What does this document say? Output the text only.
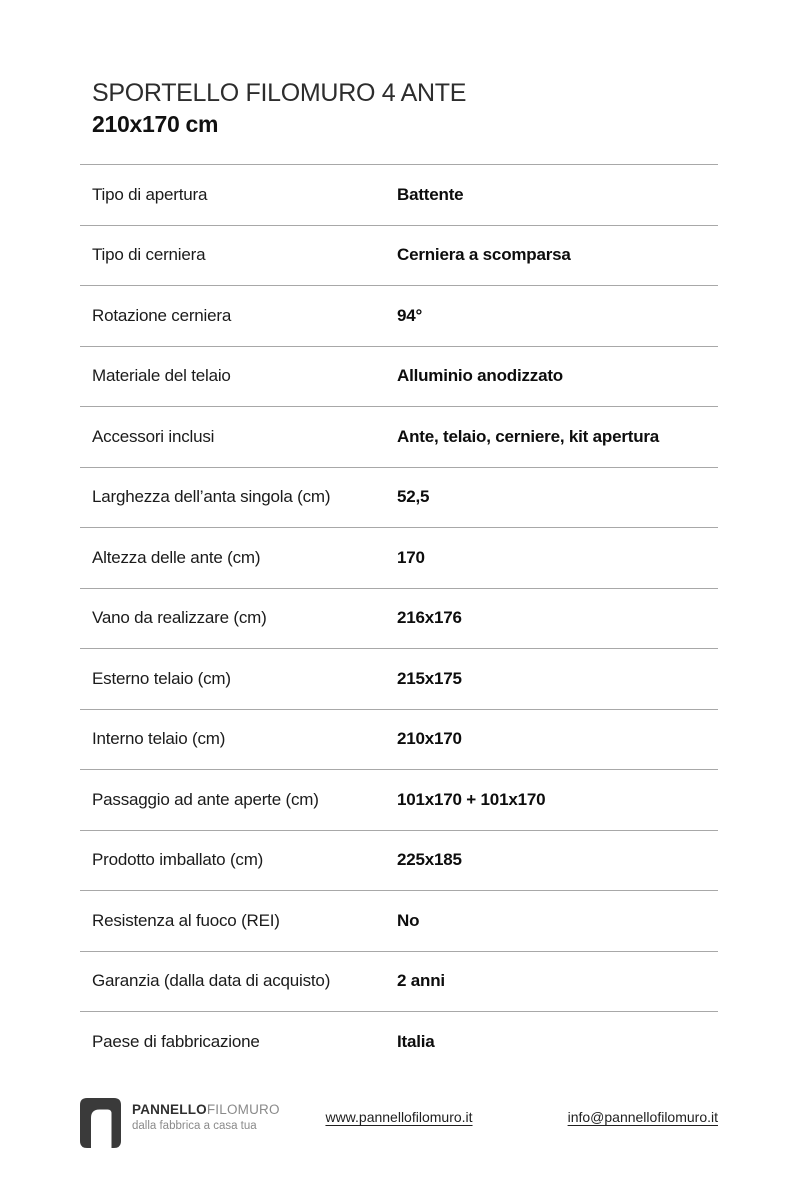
SPORTELLO FILOMURO 4 ANTE
210x170 cm
Tipo di apertura	Battente
Tipo di cerniera	Cerniera a scomparsa
Rotazione cerniera	94°
Materiale del telaio	Alluminio anodizzato
Accessori inclusi	Ante, telaio, cerniere, kit apertura
Larghezza dell’anta singola (cm)	52,5
Altezza delle ante (cm)	170
Vano da realizzare (cm)	216x176
Esterno telaio (cm)	215x175
Interno telaio (cm)	210x170
Passaggio ad ante aperte (cm)	101x170 + 101x170
Prodotto imballato (cm)	225x185
Resistenza al fuoco (REI)	No
Garanzia (dalla data di acquisto)	2 anni
Paese di fabbricazione	Italia
PANNELLOFILOMURO
dalla fabbrica a casa tua
www.pannellofilomuro.it	info@pannellofilomuro.it
